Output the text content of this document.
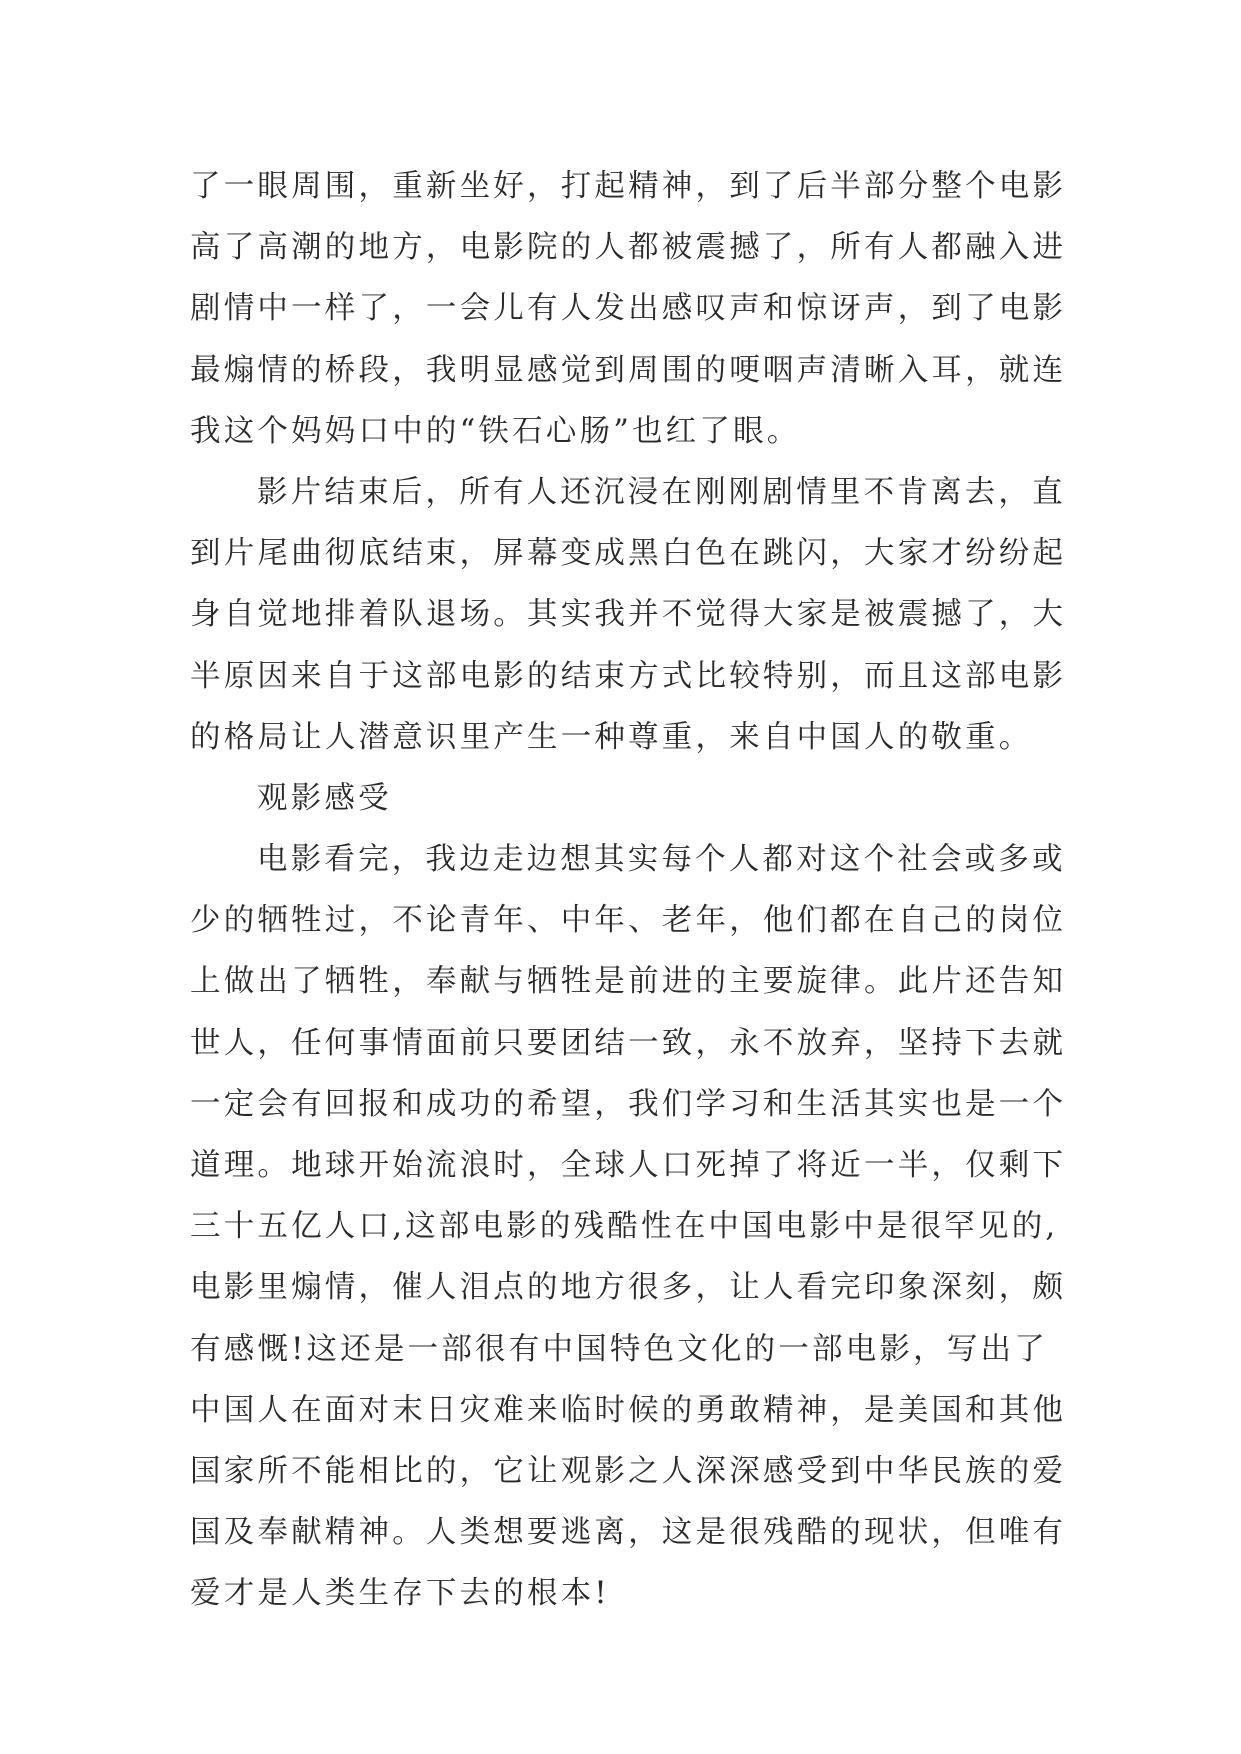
了一眼周围，重新坐好，打起精神，到了后半部分整个电影
高了高潮的地方，电影院的人都被震撼了，所有人都融入进
剧情中一样了，一会儿有人发出感叹声和惊讶声，到了电影
最煽情的桥段，我明显感觉到周围的哽咽声清晰入耳，就连
我这个妈妈口中的“铁石心肠”也红了眼。
影片结束后，所有人还沉浸在刚刚剧情里不肯离去，直
到片尾曲彻底结束，屏幕变成黑白色在跳闪，大家才纷纷起
身自觉地排着队退场。其实我并不觉得大家是被震撼了，大
半原因来自于这部电影的结束方式比较特别，而且这部电影
的格局让人潜意识里产生一种尊重，来自中国人的敬重。
观影感受
电影看完，我边走边想其实每个人都对这个社会或多或
少的牺牲过，不论青年、中年、老年，他们都在自己的岗位
上做出了牺牲，奉献与牺牲是前进的主要旋律。此片还告知
世人，任何事情面前只要团结一致，永不放弃，坚持下去就
一定会有回报和成功的希望，我们学习和生活其实也是一个
道理。地球开始流浪时，全球人口死掉了将近一半，仅剩下
三十五亿人口,这部电影的残酷性在中国电影中是很罕见的,
电影里煽情，催人泪点的地方很多，让人看完印象深刻，颇
有感慨!这还是一部很有中国特色文化的一部电影，写出了
中国人在面对末日灾难来临时候的勇敢精神，是美国和其他
国家所不能相比的，它让观影之人深深感受到中华民族的爱
国及奉献精神。人类想要逃离，这是很残酷的现状，但唯有
爱才是人类生存下去的根本!
